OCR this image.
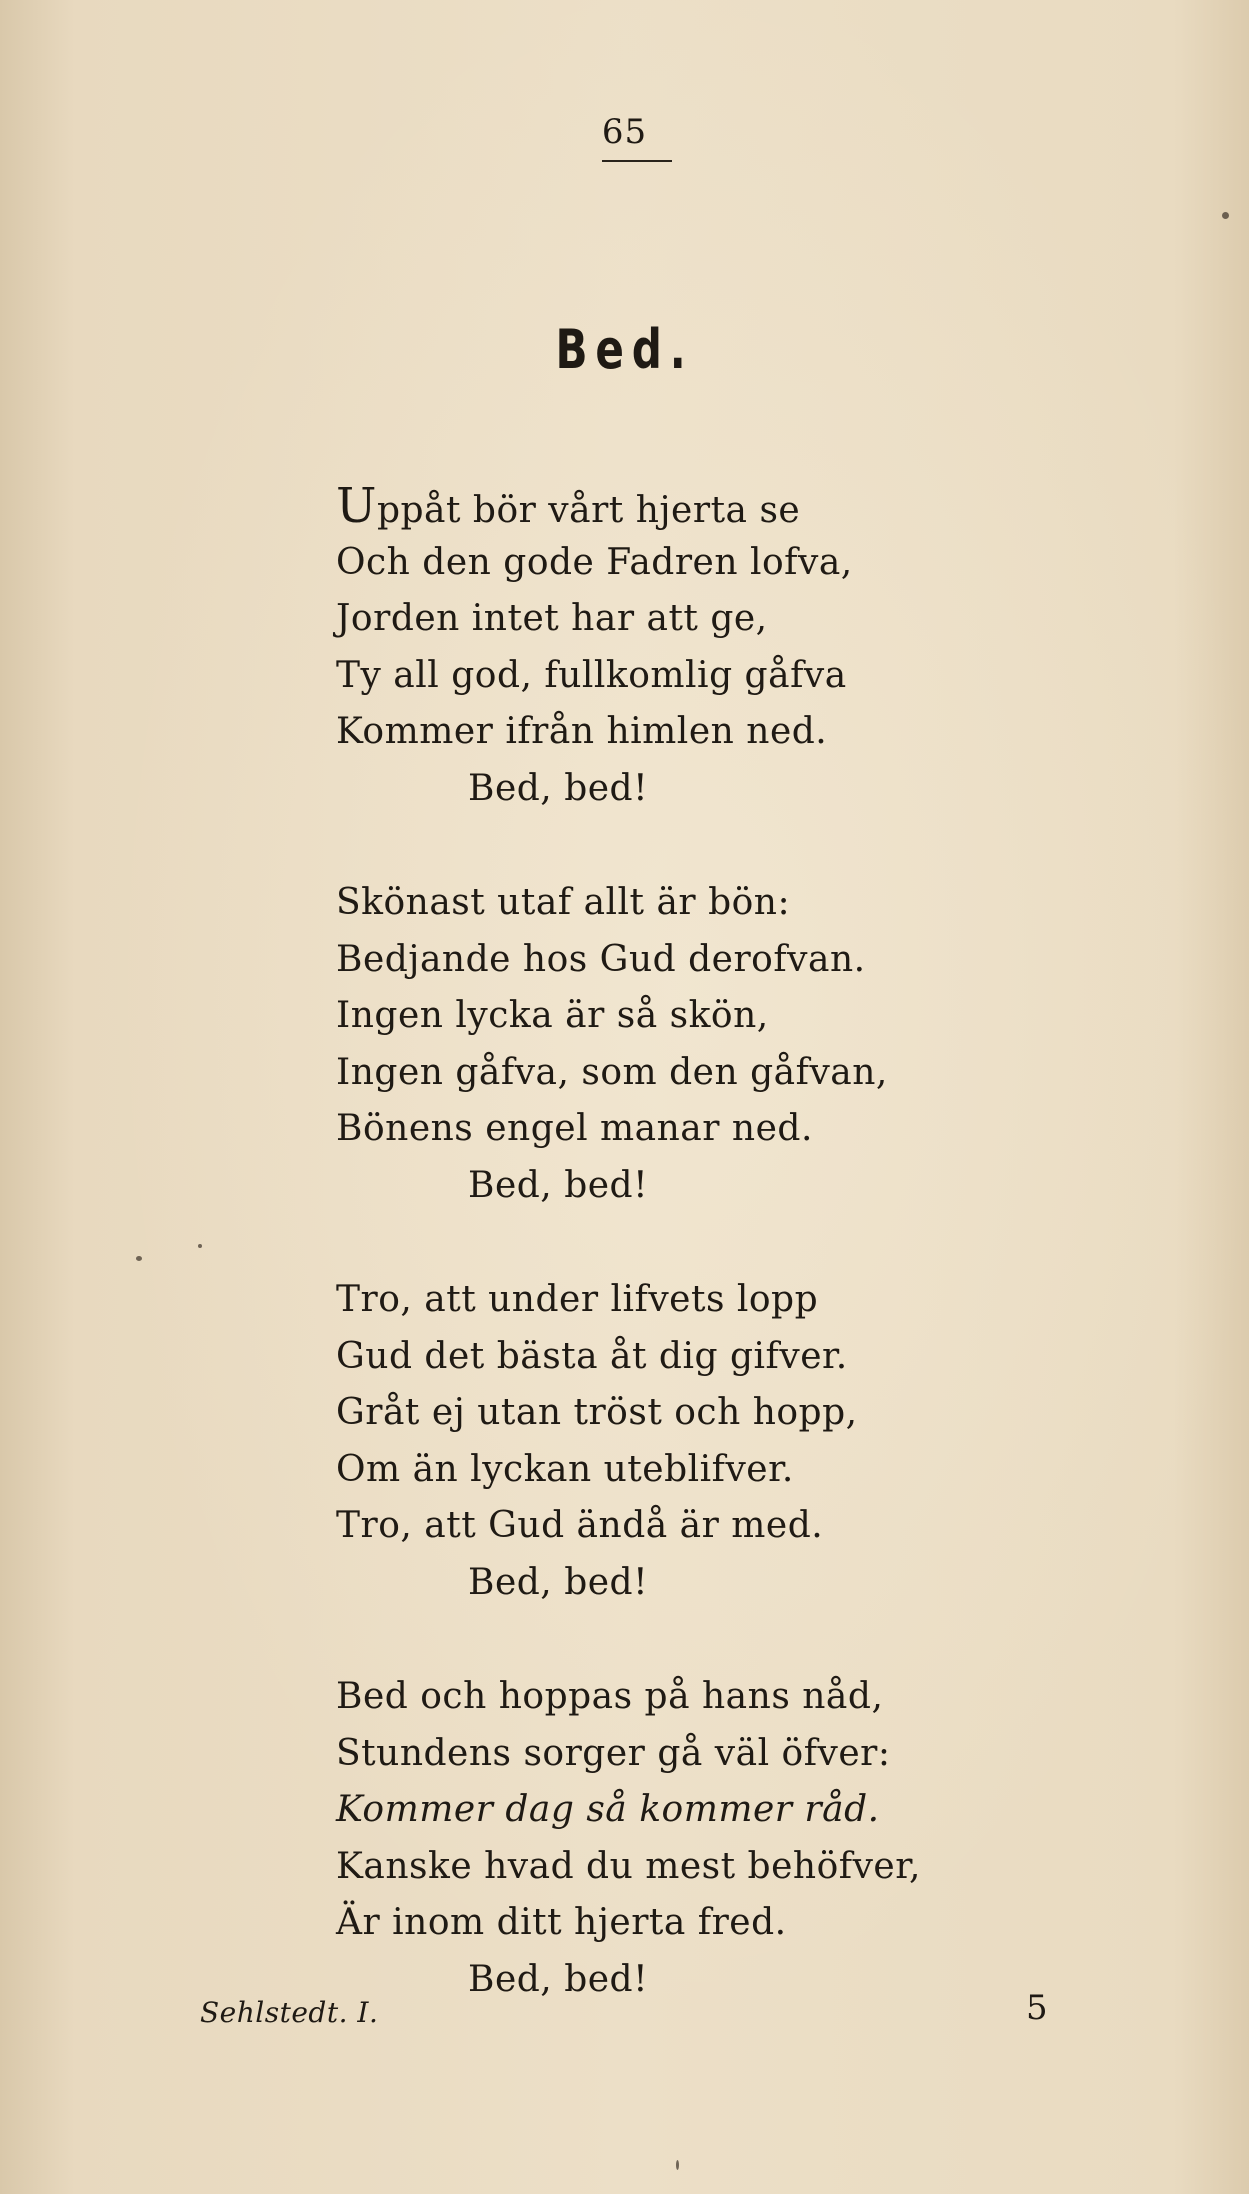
65
Bed.
Uppåt bör vårt hjerta se
Och den gode Fadren lofva,
Jorden intet har att ge,
Ty all god, fullkomlig gåfva
Kommer ifrån himlen ned.
Bed, bed!
Skönast utaf allt är bön:
Bedjande hos Gud derofvan.
Ingen lycka är så skön,
Ingen gåfva, som den gåfvan,
Bönens engel manar ned.
Bed, bed!
Tro, att under lifvets lopp
Gud det bästa åt dig gifver.
Gråt ej utan tröst och hopp,
Om än lyckan uteblifver.
Tro, att Gud ändå är med.
Bed, bed!
Bed och hoppas på hans nåd,
Stundens sorger gå väl öfver:
Kommer dag så kommer råd.
Kanske hvad du mest behöfver,
Är inom ditt hjerta fred.
Bed, bed!
Sehlstedt. I.	5
